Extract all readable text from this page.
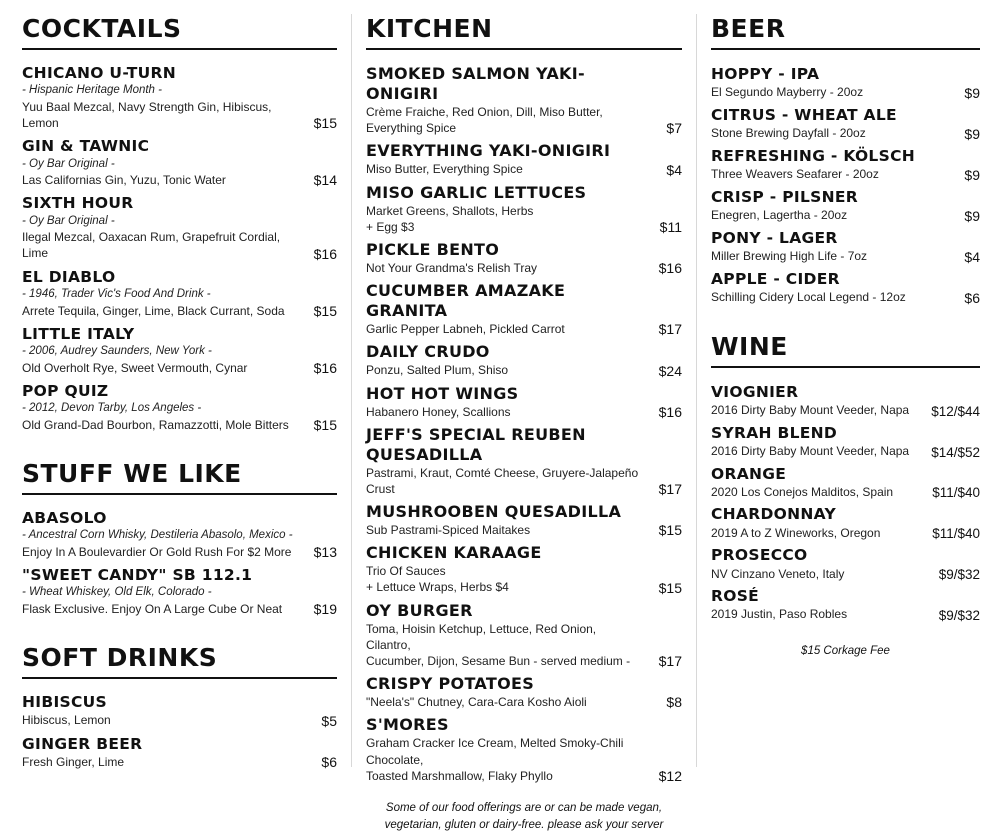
COCKTAILS
CHICANO U-TURN
- Hispanic Heritage Month -
Yuu Baal Mezcal, Navy Strength Gin, Hibiscus, Lemon	$15
GIN & TAWNIC
- Oy Bar Original -
Las Californias Gin, Yuzu, Tonic Water	$14
SIXTH HOUR
- Oy Bar Original -
Ilegal Mezcal, Oaxacan Rum, Grapefruit Cordial, Lime	$16
EL DIABLO
- 1946, Trader Vic's Food And Drink -
Arrete Tequila, Ginger, Lime, Black Currant, Soda	$15
LITTLE ITALY
- 2006, Audrey Saunders, New York -
Old Overholt Rye, Sweet Vermouth, Cynar	$16
POP QUIZ
- 2012, Devon Tarby, Los Angeles -
Old Grand-Dad Bourbon, Ramazzotti, Mole Bitters	$15
STUFF WE LIKE
ABASOLO
- Ancestral Corn Whisky, Destileria Abasolo, Mexico -
Enjoy In A Boulevardier Or Gold Rush For $2 More $13
"SWEET CANDY" SB 112.1
- Wheat Whiskey, Old Elk, Colorado -
Flask Exclusive. Enjoy On A Large Cube Or Neat	$19
SOFT DRINKS
HIBISCUS
Hibiscus, Lemon	$5
GINGER BEER
Fresh Ginger, Lime	$6
KITCHEN
SMOKED SALMON YAKI-ONIGIRI
Crème Fraiche, Red Onion, Dill, Miso Butter, Everything Spice	$7
EVERYTHING YAKI-ONIGIRI
Miso Butter, Everything Spice	$4
MISO GARLIC LETTUCES
Market Greens, Shallots, Herbs
+ Egg $3	$11
PICKLE BENTO
Not Your Grandma's Relish Tray	$16
CUCUMBER AMAZAKE GRANITA
Garlic Pepper Labneh, Pickled Carrot	$17
DAILY CRUDO
Ponzu, Salted Plum, Shiso	$24
HOT HOT WINGS
Habanero Honey, Scallions	$16
JEFF'S SPECIAL REUBEN QUESADILLA
Pastrami, Kraut, Comté Cheese, Gruyere-Jalapeño Crust	$17
MUSHROOBEN QUESADILLA
Sub Pastrami-Spiced Maitakes	$15
CHICKEN KARAAGE
Trio Of Sauces
+ Lettuce Wraps, Herbs $4	$15
OY BURGER
Toma, Hoisin Ketchup, Lettuce, Red Onion, Cilantro,
Cucumber, Dijon, Sesame Bun - served medium -	$17
CRISPY POTATOES
"Neela's" Chutney, Cara-Cara Kosho Aioli	$8
S'MORES
Graham Cracker Ice Cream, Melted Smoky-Chili Chocolate,
Toasted Marshmallow, Flaky Phyllo	$12
Some of our food offerings are or can be made vegan, vegetarian, gluten or dairy-free. please ask your server
BEER
HOPPY - IPA
El Segundo Mayberry - 20oz	$9
CITRUS - WHEAT ALE
Stone Brewing Dayfall - 20oz	$9
REFRESHING - KÖLSCH
Three Weavers Seafarer - 20oz	$9
CRISP - PILSNER
Enegren, Lagertha - 20oz	$9
PONY - LAGER
Miller Brewing High Life - 7oz	$4
APPLE - CIDER
Schilling Cidery Local Legend - 12oz	$6
WINE
VIOGNIER
2016 Dirty Baby Mount Veeder, Napa	$12/$44
SYRAH BLEND
2016 Dirty Baby Mount Veeder, Napa	$14/$52
ORANGE
2020 Los Conejos Malditos, Spain	$11/$40
CHARDONNAY
2019 A to Z Wineworks, Oregon	$11/$40
PROSECCO
NV Cinzano Veneto, Italy	$9/$32
ROSÉ
2019 Justin, Paso Robles	$9/$32
$15 Corkage Fee
